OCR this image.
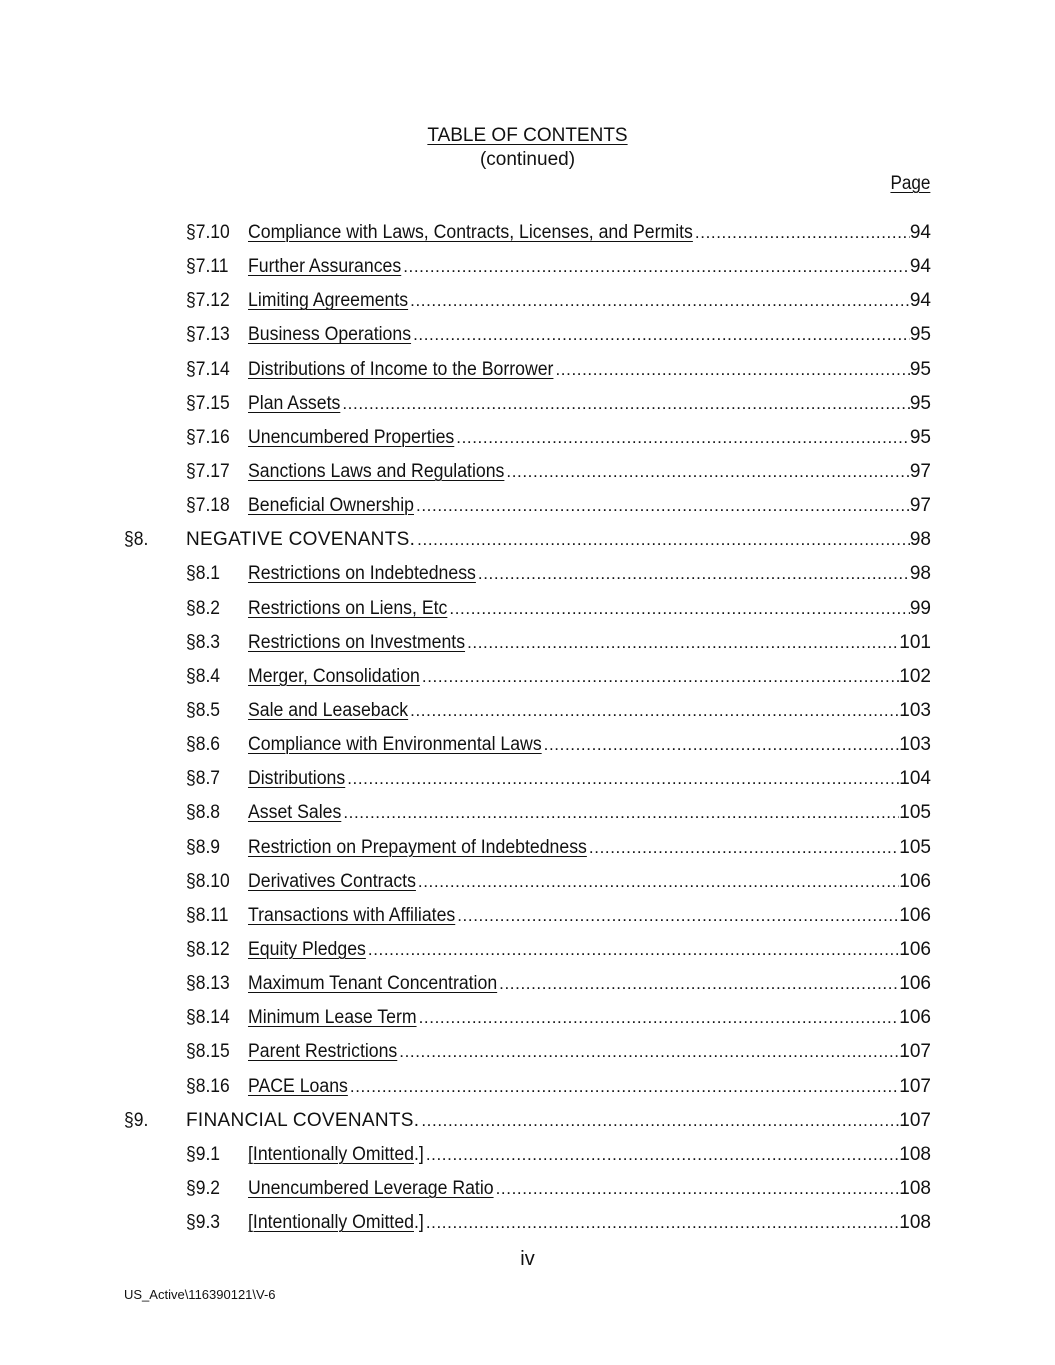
TABLE OF CONTENTS
(continued)
Page
§7.10 Compliance with Laws, Contracts, Licenses, and Permits .....	94
§7.11	Further Assurances .....	94
§7.12 Limiting Agreements .....	94
§7.13 Business Operations .....	95
§7.14 Distributions of Income to the Borrower .....	95
§7.15 Plan Assets .....	95
§7.16 Unencumbered Properties .....	95
§7.17 Sanctions Laws and Regulations .....	97
§7.18 Beneficial Ownership .....	97
§8.	NEGATIVE COVENANTS. .....	98
§8.1	Restrictions on Indebtedness .....	98
§8.2	Restrictions on Liens, Etc .....	99
§8.3	Restrictions on Investments .....	101
§8.4	Merger, Consolidation .....	102
§8.5	Sale and Leaseback .....	103
§8.6	Compliance with Environmental Laws .....	103
§8.7	Distributions .....	104
§8.8	Asset Sales .....	105
§8.9	Restriction on Prepayment of Indebtedness .....	105
§8.10 Derivatives Contracts .....	106
§8.11	Transactions with Affiliates .....	106
§8.12 Equity Pledges .....	106
§8.13 Maximum Tenant Concentration .....	106
§8.14 Minimum Lease Term .....	106
§8.15 Parent Restrictions .....	107
§8.16 PACE Loans .....	107
§9.	FINANCIAL COVENANTS. .....	107
§9.1	[Intentionally Omitted.] .....	108
§9.2	Unencumbered Leverage Ratio .....	108
§9.3	[Intentionally Omitted.] .....	108
iv
US_Active\116390121\V-6
